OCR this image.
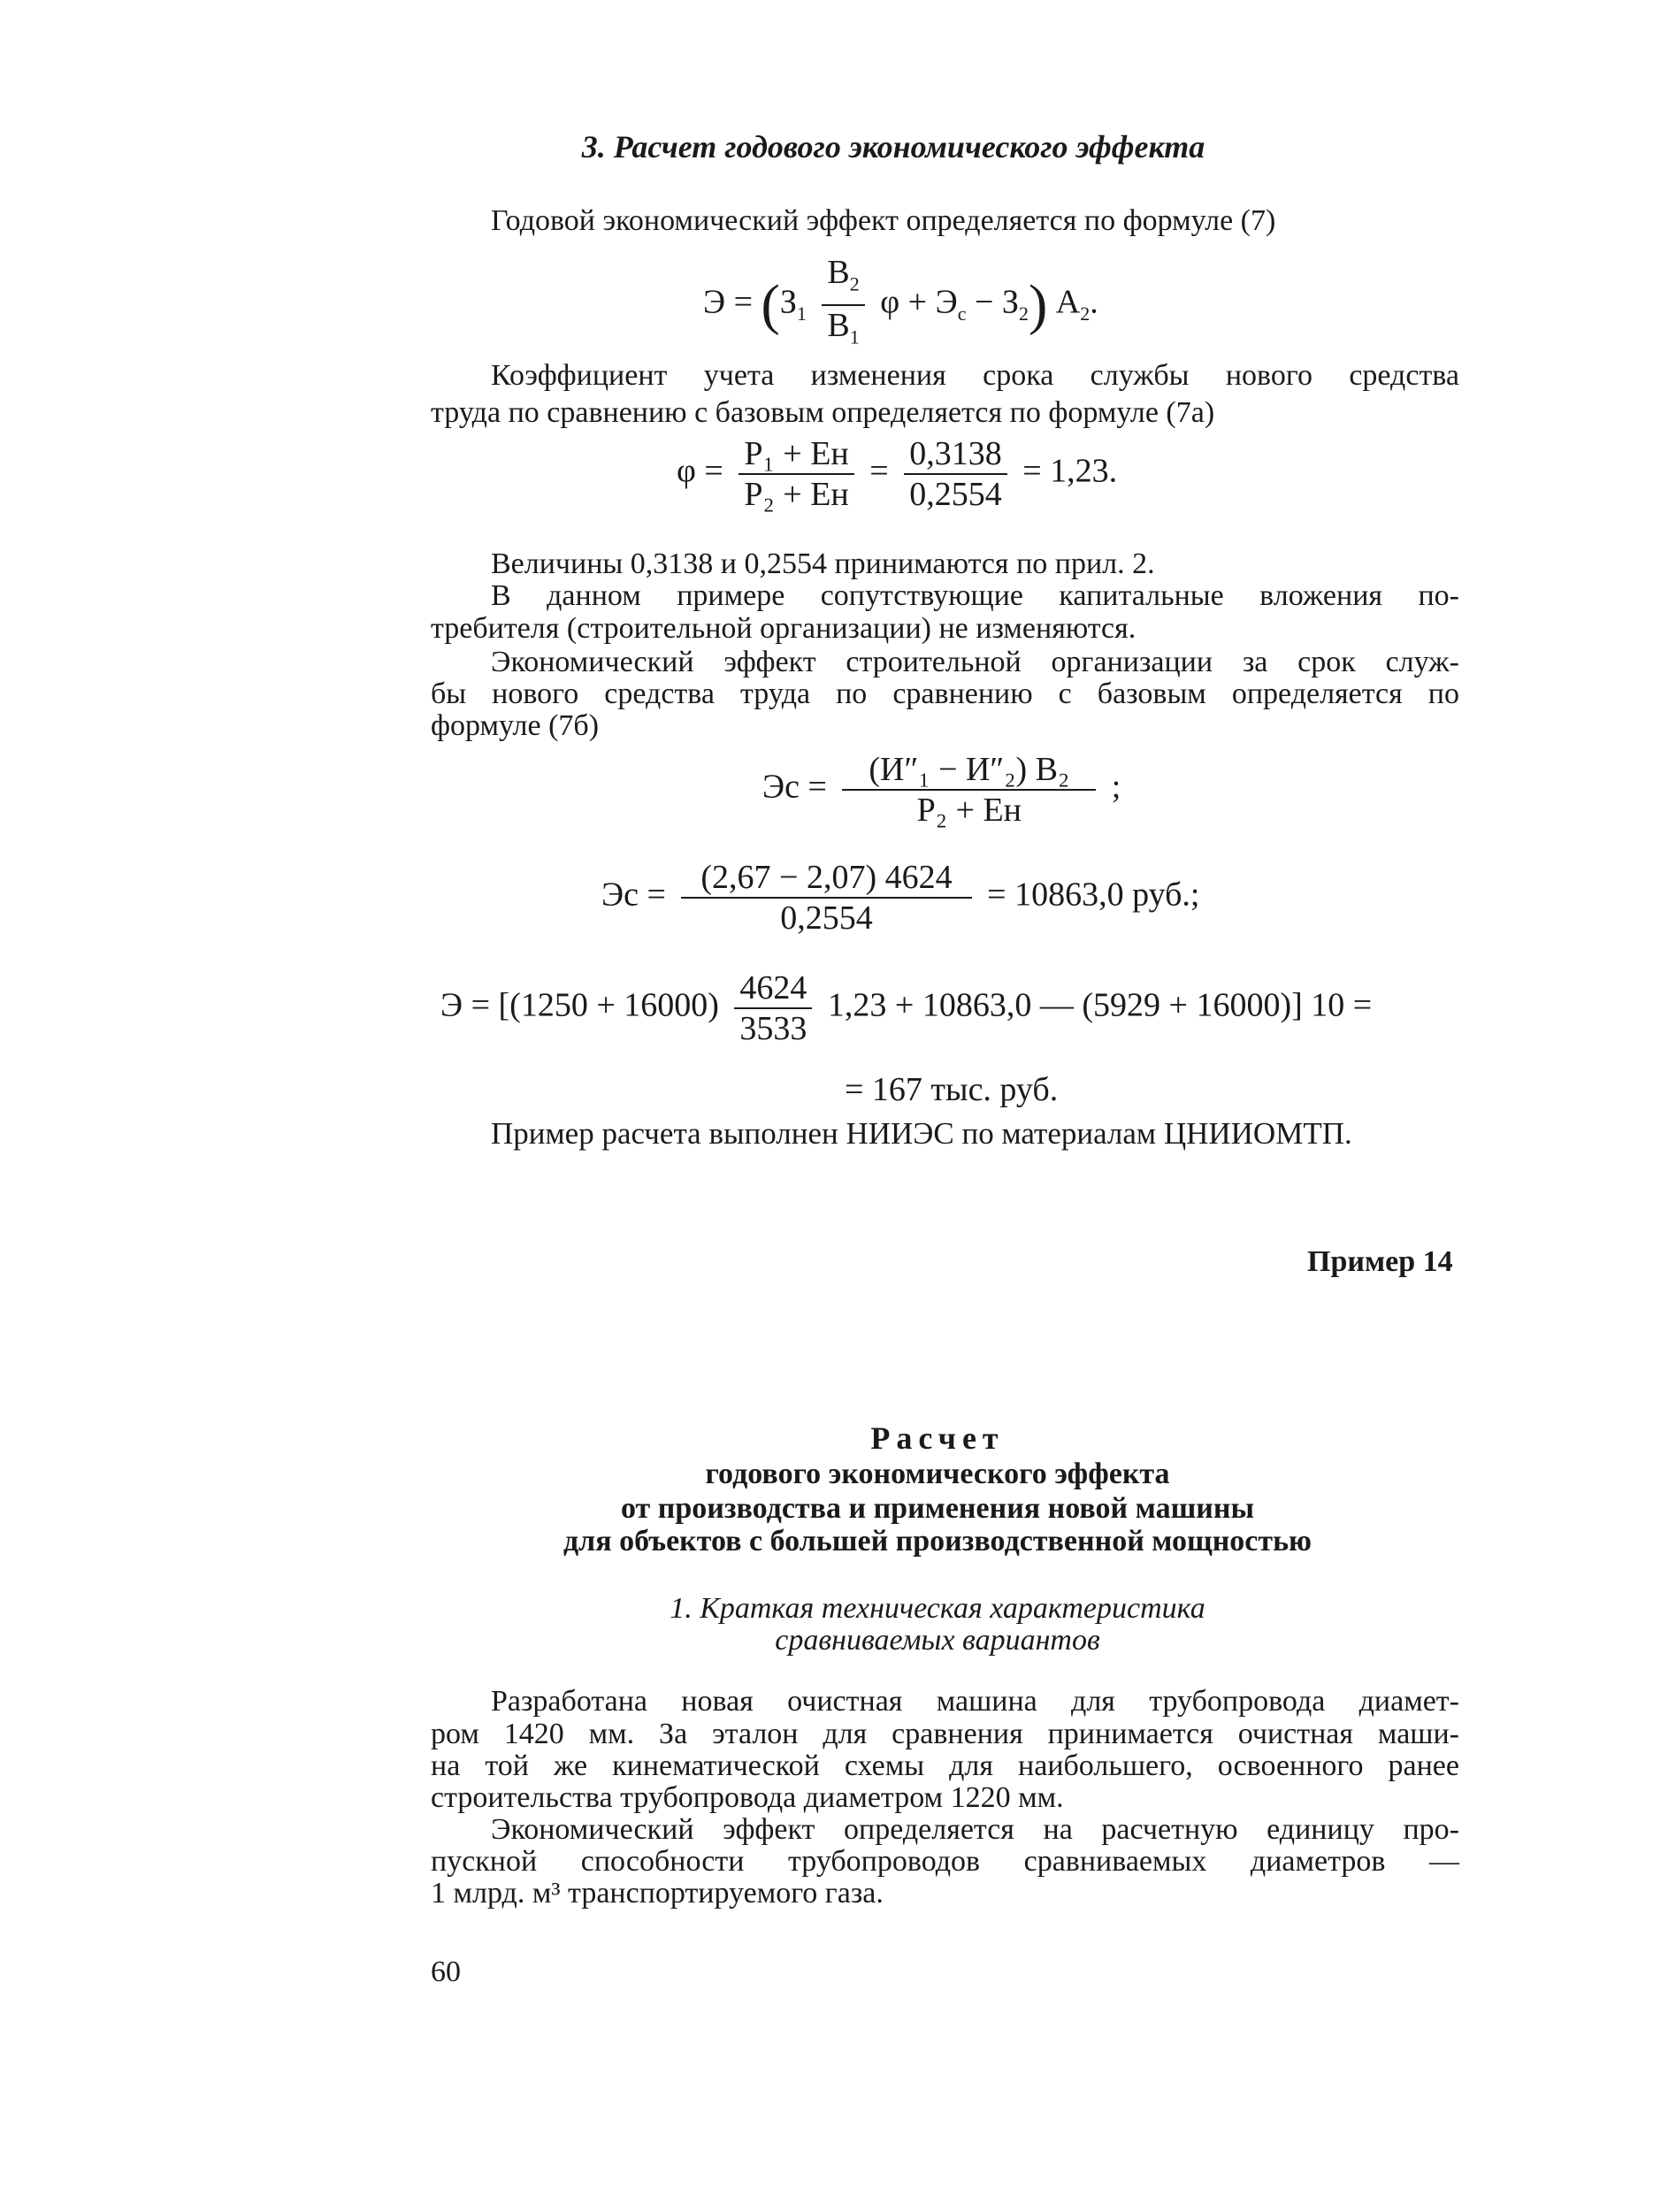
3. Расчет годового экономического эффекта
Годовой экономический эффект определяется по формуле (7)
$Э = (З_1 \frac{В_2}{В_1}$ $\varphi + Э_с - З_2$) $А_2$.
Коэффициент учета изменения срока службы нового средства
труда по сравнению с базовым определяется по формуле (7а)
$\varphi = \frac{\text{P₁ + Eн}}{\text{P₂ + Eн}} = \frac{0,3138}{0,2554} = 1,23$.
Величины 0,3138 и 0,2554 принимаются по прил. 2.
В данном примере сопутствующие капитальные вложения по-
требителя (строительной организации) не изменяются.
Экономический эффект строительной организации за срок служ-
бы нового средства труда по сравнению с базовым определяется по
формуле (7б)
Эс = $\frac{\text{(И″₁ − И″₂) В₂}}{\text{P₂ + Eн}}$ ;
Эс = $\frac{(2,67 - 2,07) 4624}{0,2554} = 10863,0$ руб.;
$Э = [(1250 + 16000) \frac{4624}{3533} 1,23 + 10863,0$ — (5929 + 16000)] 10 =
= 167 тыс. руб.
Пример расчета выполнен НИИЭС по материалам ЦНИИОМТП.
Пример 14
Расчет
годового экономического эффекта
от производства и применения новой машины
для объектов с большей производственной мощностью
1. Краткая техническая характеристика
сравниваемых вариантов
Разработана новая очистная машина для трубопровода диамет-
ром 1420 мм. За эталон для сравнения принимается очистная маши-
на той же кинематической схемы для наибольшего, освоенного ранее
строительства трубопровода диаметром 1220 мм.
Экономический эффект определяется на расчетную единицу про-
пускной способности трубопроводов сравниваемых диаметров —
1 млрд. м³ транспортируемого газа.
60
